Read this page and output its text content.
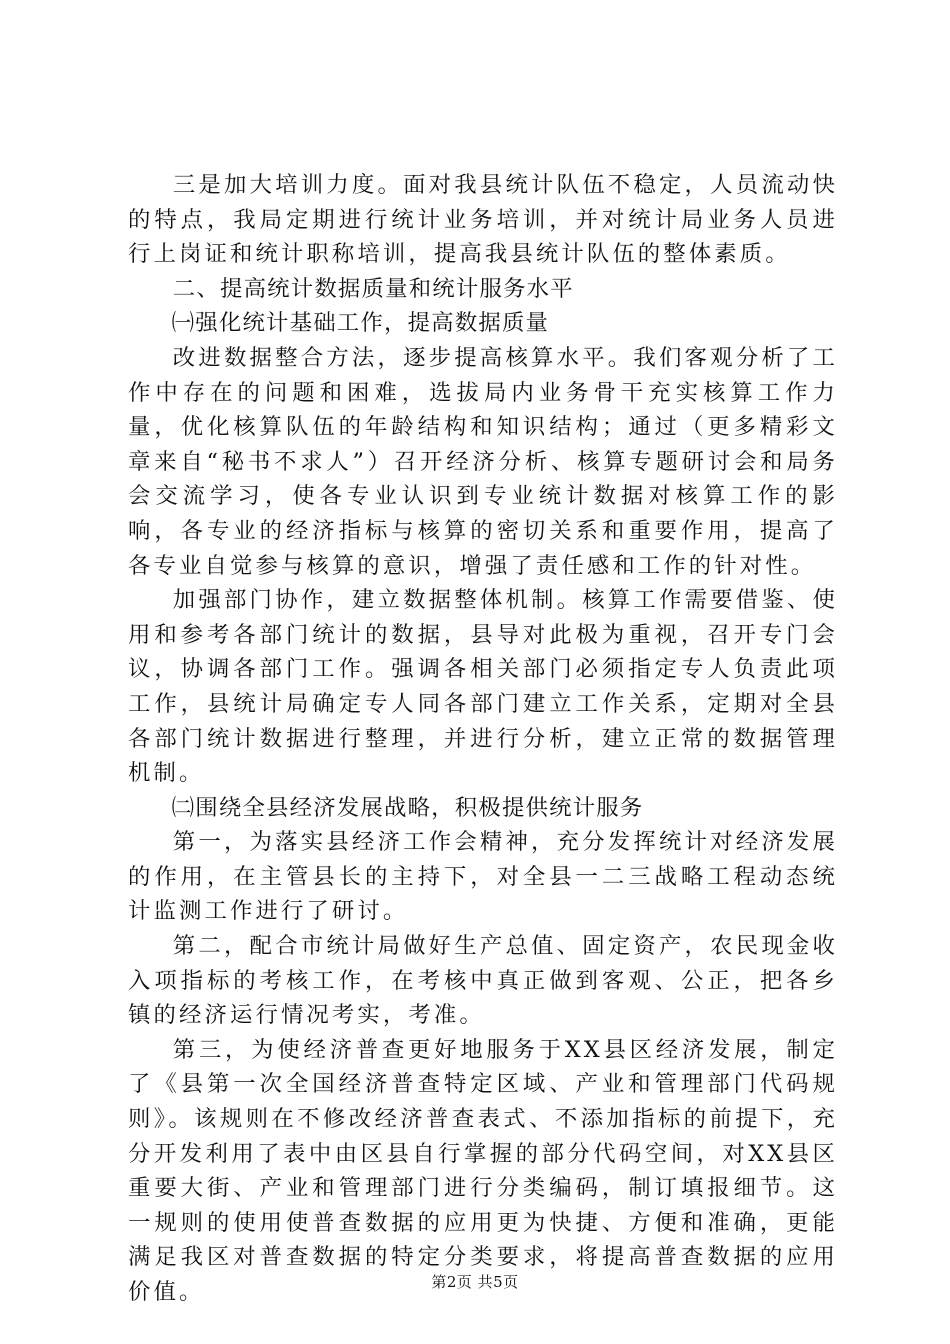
三是加大培训力度。面对我县统计队伍不稳定，人员流动快的特点，我局定期进行统计业务培训，并对统计局业务人员进行上岗证和统计职称培训，提高我县统计队伍的整体素质。

二、提高统计数据质量和统计服务水平

㈠强化统计基础工作，提高数据质量

改进数据整合方法，逐步提高核算水平。我们客观分析了工作中存在的问题和困难，选拔局内业务骨干充实核算工作力量，优化核算队伍的年龄结构和知识结构；通过（更多精彩文章来自“秘书不求人”）召开经济分析、核算专题研讨会和局务会交流学习，使各专业认识到专业统计数据对核算工作的影响，各专业的经济指标与核算的密切关系和重要作用，提高了各专业自觉参与核算的意识，增强了责任感和工作的针对性。

加强部门协作，建立数据整体机制。核算工作需要借鉴、使用和参考各部门统计的数据，县导对此极为重视，召开专门会议，协调各部门工作。强调各相关部门必须指定专人负责此项工作，县统计局确定专人同各部门建立工作关系，定期对全县各部门统计数据进行整理，并进行分析，建立正常的数据管理机制。

㈡围绕全县经济发展战略，积极提供统计服务

第一，为落实县经济工作会精神，充分发挥统计对经济发展的作用，在主管县长的主持下，对全县一二三战略工程动态统计监测工作进行了研讨。

第二，配合市统计局做好生产总值、固定资产，农民现金收入项指标的考核工作，在考核中真正做到客观、公正，把各乡镇的经济运行情况考实，考准。

第三，为使经济普查更好地服务于XX县区经济发展，制定了《县第一次全国经济普查特定区域、产业和管理部门代码规则》。该规则在不修改经济普查表式、不添加指标的前提下，充分开发利用了表中由区县自行掌握的部分代码空间，对XX县区重要大街、产业和管理部门进行分类编码，制订填报细节。这一规则的使用使普查数据的应用更为快捷、方便和准确，更能满足我区对普查数据的特定分类要求，将提高普查数据的应用价值。	第2页 共5页
